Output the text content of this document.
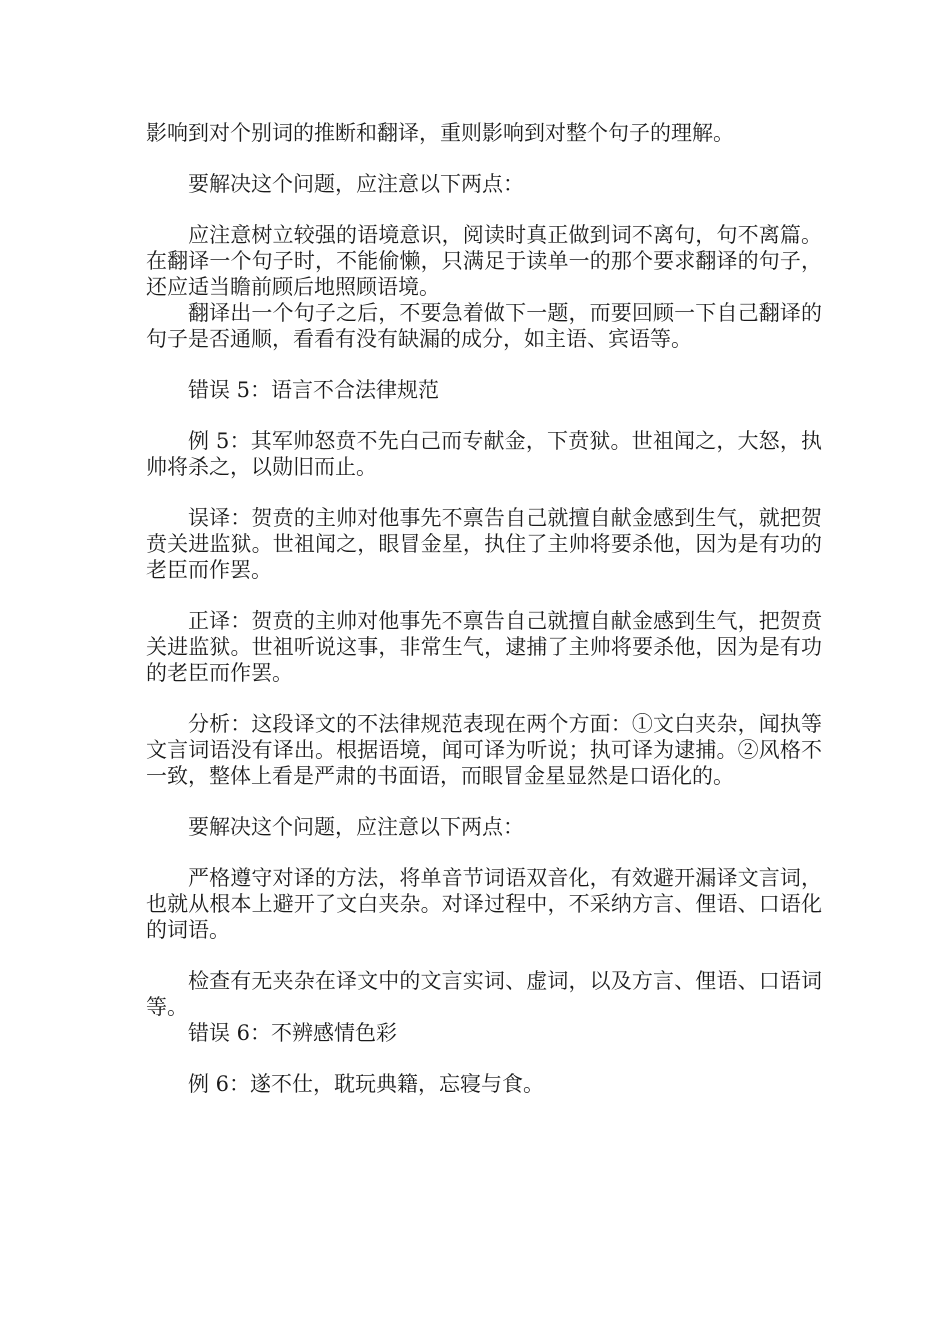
影响到对个别词的推断和翻译，重则影响到对整个句子的理解。

要解决这个问题，应注意以下两点：

应注意树立较强的语境意识，阅读时真正做到词不离句，句不离篇。在翻译一个句子时，不能偷懒，只满足于读单一的那个要求翻译的句子，还应适当瞻前顾后地照顾语境。

翻译出一个句子之后，不要急着做下一题，而要回顾一下自己翻译的句子是否通顺，看看有没有缺漏的成分，如主语、宾语等。

错误 5：语言不合法律规范

例 5：其军帅怒贲不先白己而专献金，下贲狱。世祖闻之，大怒，执帅将杀之，以勋旧而止。

误译：贺贲的主帅对他事先不禀告自己就擅自献金感到生气，就把贺贲关进监狱。世祖闻之，眼冒金星，执住了主帅将要杀他，因为是有功的老臣而作罢。

正译：贺贲的主帅对他事先不禀告自己就擅自献金感到生气，把贺贲关进监狱。世祖听说这事，非常生气，逮捕了主帅将要杀他，因为是有功的老臣而作罢。

分析：这段译文的不法律规范表现在两个方面：①文白夹杂，闻执等文言词语没有译出。根据语境，闻可译为听说；执可译为逮捕。②风格不一致，整体上看是严肃的书面语，而眼冒金星显然是口语化的。

要解决这个问题，应注意以下两点：

严格遵守对译的方法，将单音节词语双音化，有效避开漏译文言词，也就从根本上避开了文白夹杂。对译过程中，不采纳方言、俚语、口语化的词语。

检查有无夹杂在译文中的文言实词、虚词，以及方言、俚语、口语词等。

错误 6：不辨感情色彩

例 6：遂不仕，耽玩典籍，忘寝与食。
